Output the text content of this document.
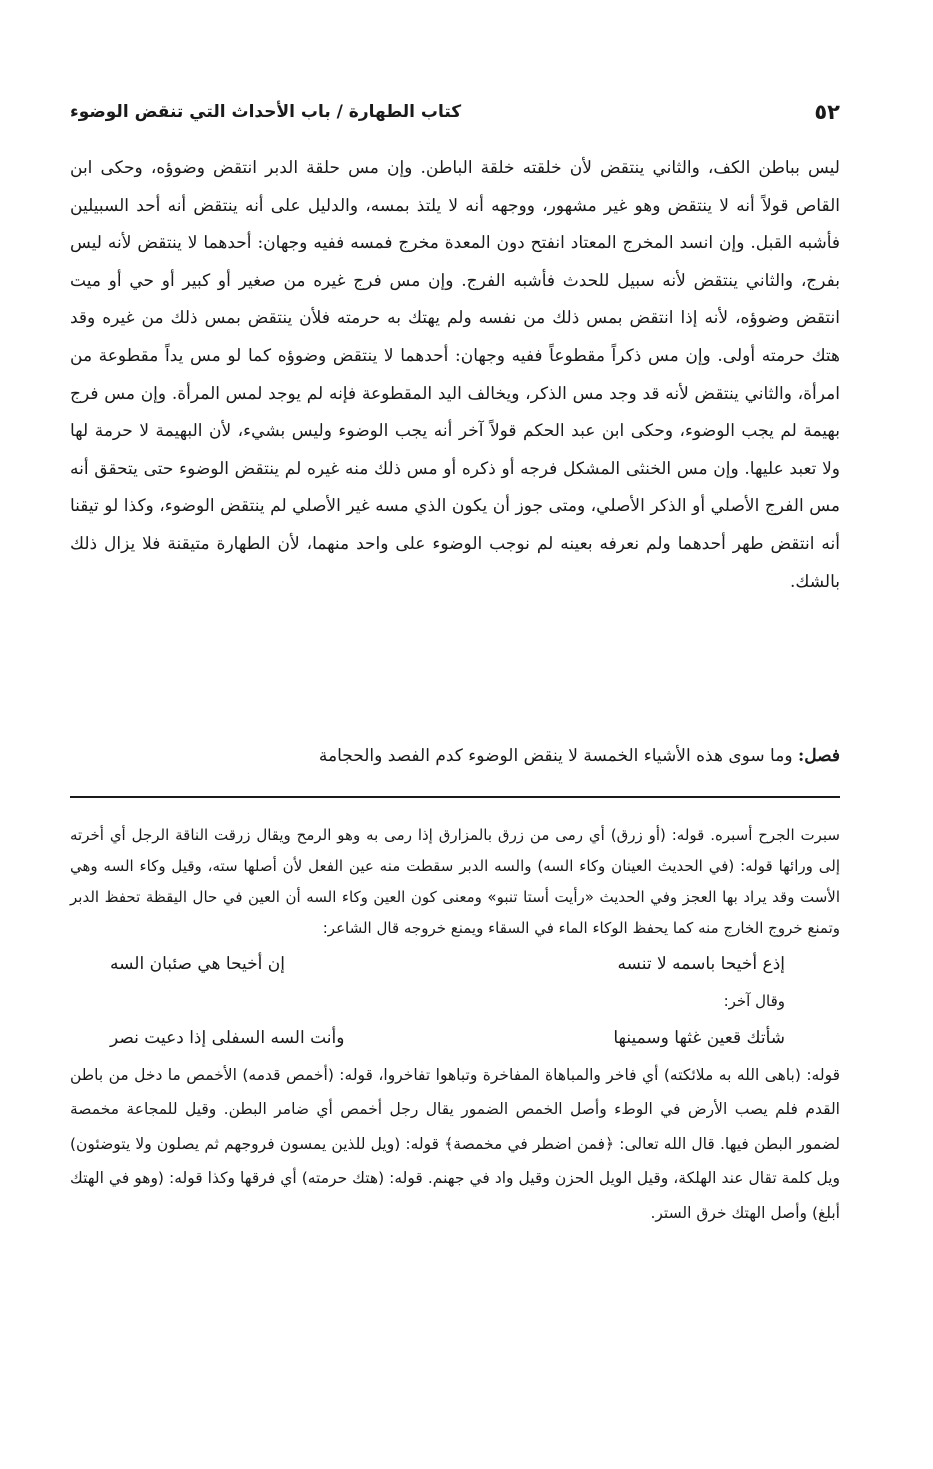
٥٢
كتاب الطهارة / باب الأحداث التي تنقض الوضوء

ليس بباطن الكف، والثاني ينتقض لأن خلقته خلقة الباطن. وإن مس حلقة الدبر انتقض وضوؤه، وحكى ابن القاص قولاً أنه لا ينتقض وهو غير مشهور، ووجهه أنه لا يلتذ بمسه، والدليل على أنه ينتقض أنه أحد السبيلين فأشبه القبل. وإن انسد المخرج المعتاد انفتح دون المعدة مخرج فمسه ففيه وجهان: أحدهما لا ينتقض لأنه ليس بفرج، والثاني ينتقض لأنه سبيل للحدث فأشبه الفرج. وإن مس فرج غيره من صغير أو كبير أو حي أو ميت انتقض وضوؤه، لأنه إذا انتقض بمس ذلك من نفسه ولم يهتك به حرمته فلأن ينتقض بمس ذلك من غيره وقد هتك حرمته أولى. وإن مس ذكراً مقطوعاً ففيه وجهان: أحدهما لا ينتقض وضوؤه كما لو مس يداً مقطوعة من امرأة، والثاني ينتقض لأنه قد وجد مس الذكر، ويخالف اليد المقطوعة فإنه لم يوجد لمس المرأة. وإن مس فرج بهيمة لم يجب الوضوء، وحكى ابن عبد الحكم قولاً آخر أنه يجب الوضوء وليس بشيء، لأن البهيمة لا حرمة لها ولا تعبد عليها. وإن مس الخنثى المشكل فرجه أو ذكره أو مس ذلك منه غيره لم ينتقض الوضوء حتى يتحقق أنه مس الفرج الأصلي أو الذكر الأصلي، ومتى جوز أن يكون الذي مسه غير الأصلي لم ينتقض الوضوء، وكذا لو تيقنا أنه انتقض طهر أحدهما ولم نعرفه بعينه لم نوجب الوضوء على واحد منهما، لأن الطهارة متيقنة فلا يزال ذلك بالشك.

فصل: وما سوى هذه الأشياء الخمسة لا ينقض الوضوء كدم الفصد والحجامة

سبرت الجرح أسبره. قوله: (أو زرق) أي رمى من زرق بالمزارق إذا رمى به وهو الرمح ويقال زرقت الناقة الرجل أي أخرته إلى ورائها قوله: (في الحديث العينان وكاء السه) والسه الدبر سقطت منه عين الفعل لأن أصلها سته، وقيل وكاء السه وهي الأست وقد يراد بها العجز وفي الحديث «رأيت أستا تنبو» ومعنى كون العين وكاء السه أن العين في حال اليقظة تحفظ الدبر وتمنع خروج الخارج منه كما يحفظ الوكاء الماء في السقاء ويمنع خروجه قال الشاعر:

إذع أخيحا باسمه لا تنسه
إن أخيحا هي صئبان السه

وقال آخر:

شأتك قعين غثها وسمينها
وأنت السه السفلى إذا دعيت نصر

قوله: (باهى الله به ملائكته) أي فاخر والمباهاة المفاخرة وتباهوا تفاخروا، قوله: (أخمص قدمه) الأخمص ما دخل من باطن القدم فلم يصب الأرض في الوطء وأصل الخمص الضمور يقال رجل أخمص أي ضامر البطن. وقيل للمجاعة مخمصة لضمور البطن فيها. قال الله تعالى: ﴿فمن اضطر في مخمصة﴾ قوله: (ويل للذين يمسون فروجهم ثم يصلون ولا يتوضئون) ويل كلمة تقال عند الهلكة، وقيل الويل الحزن وقيل واد في جهنم. قوله: (هتك حرمته) أي فرقها وكذا قوله: (وهو في الهتك أبلغ) وأصل الهتك خرق الستر.
